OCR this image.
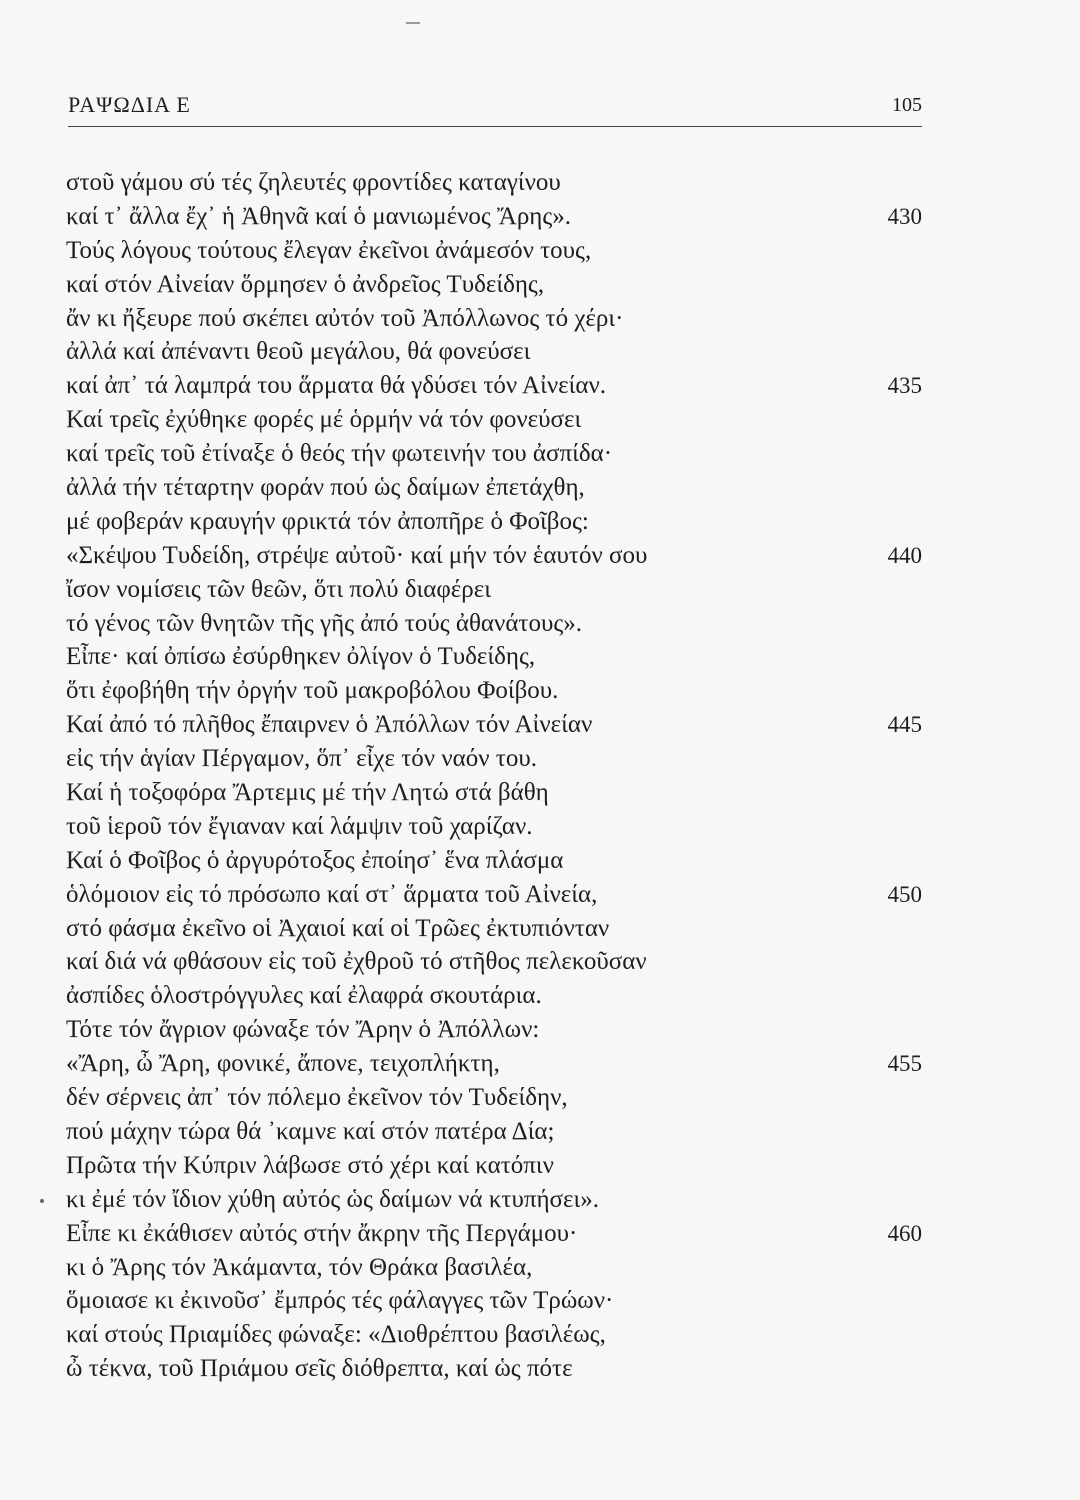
ΡΑΨΩΔΙΑ Ε	105
στοῦ γάμου σύ τές ζηλευτές φροντίδες καταγίνου
καί τ᾽ ἄλλα ἔχ᾽ ἡ Ἀθηνᾶ καί ὁ μανιωμένος Ἄρης».	430
Τούς λόγους τούτους ἔλεγαν ἐκεῖνοι ἀνάμεσόν τους,
καί στόν Αἰνείαν ὅρμησεν ὁ ἀνδρεῖος Τυδείδης,
ἄν κι ἤξευρε πού σκέπει αὐτόν τοῦ Ἀπόλλωνος τό χέρι·
ἀλλά καί ἀπέναντι θεοῦ μεγάλου, θά φονεύσει
καί ἀπ᾽ τά λαμπρά του ἅρματα θά γδύσει τόν Αἰνείαν.	435
Καί τρεῖς ἐχύθηκε φορές μέ ὁρμήν νά τόν φονεύσει
καί τρεῖς τοῦ ἐτίναξε ὁ θεός τήν φωτεινήν του ἀσπίδα·
ἀλλά τήν τέταρτην φοράν πού ὡς δαίμων ἐπετάχθη,
μέ φοβεράν κραυγήν φρικτά τόν ἀποπῆρε ὁ Φοῖβος:
«Σκέψου Τυδείδη, στρέψε αὐτοῦ· καί μήν τόν ἑαυτόν σου	440
ἴσον νομίσεις τῶν θεῶν, ὅτι πολύ διαφέρει
τό γένος τῶν θνητῶν τῆς γῆς ἀπό τούς ἀθανάτους».
Εἶπε· καί ὀπίσω ἐσύρθηκεν ὀλίγον ὁ Τυδείδης,
ὅτι ἐφοβήθη τήν ὀργήν τοῦ μακροβόλου Φοίβου.
Καί ἀπό τό πλῆθος ἔπαιρνεν ὁ Ἀπόλλων τόν Αἰνείαν	445
εἰς τήν ἁγίαν Πέργαμον, ὅπ᾽ εἶχε τόν ναόν του.
Καί ἡ τοξοφόρα Ἄρτεμις μέ τήν Λητώ στά βάθη
τοῦ ἱεροῦ τόν ἔγιαναν καί λάμψιν τοῦ χαρίζαν.
Καί ὁ Φοῖβος ὁ ἀργυρότοξος ἐποίησ᾽ ἕνα πλάσμα
ὁλόμοιον εἰς τό πρόσωπο καί στ᾽ ἅρματα τοῦ Αἰνεία,	450
στό φάσμα ἐκεῖνο οἱ Ἀχαιοί καί οἱ Τρῶες ἐκτυπιόνταν
καί διά νά φθάσουν εἰς τοῦ ἐχθροῦ τό στῆθος πελεκοῦσαν
ἀσπίδες ὁλοστρόγγυλες καί ἐλαφρά σκουτάρια.
Τότε τόν ἄγριον φώναξε τόν Ἄρην ὁ Ἀπόλλων:
«Ἄρη, ὦ Ἄρη, φονικέ, ἄπονε, τειχοπλήκτη,	455
δέν σέρνεις ἀπ᾽ τόν πόλεμο ἐκεῖνον τόν Τυδείδην,
πού μάχην τώρα θά ᾽καμνε καί στόν πατέρα Δία;
Πρῶτα τήν Κύπριν λάβωσε στό χέρι καί κατόπιν
κι ἐμέ τόν ἴδιον χύθη αὐτός ὡς δαίμων νά κτυπήσει».
Εἶπε κι ἐκάθισεν αὐτός στήν ἄκρην τῆς Περγάμου·	460
κι ὁ Ἄρης τόν Ἀκάμαντα, τόν Θράκα βασιλέα,
ὅμοιασε κι ἐκινοῦσ᾽ ἔμπρός τές φάλαγγες τῶν Τρώων·
καί στούς Πριαμίδες φώναξε: «Διοθρέπτου βασιλέως,
ὦ τέκνα, τοῦ Πριάμου σεῖς διόθρεπτα, καί ὡς πότε
